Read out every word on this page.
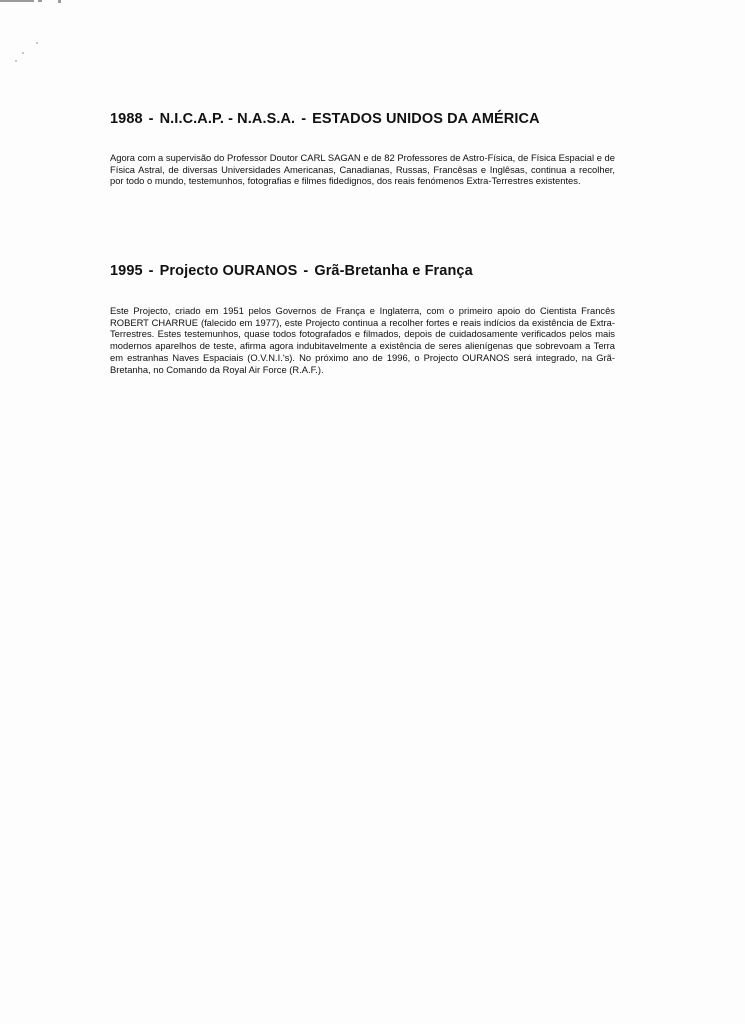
1988 - N.I.C.A.P. - N.A.S.A. - ESTADOS UNIDOS DA AMÉRICA

Agora com a supervisão do Professor Doutor CARL SAGAN e de 82 Professores de Astro-Física, de Física Espacial e de Física Astral, de diversas Universidades Americanas, Canadianas, Russas, Francêsas e Inglêsas, continua a recolher, por todo o mundo, testemunhos, fotografias e filmes fidedignos, dos reais fenómenos Extra-Terrestres existentes.

1995 - Projecto OURANOS - Grã-Bretanha e França

Este Projecto, criado em 1951 pelos Governos de França e Inglaterra, com o primeiro apoio do Cientista Francês ROBERT CHARRUE (falecido em 1977), este Projecto continua a recolher fortes e reais indícios da existência de Extra-Terrestres. Estes testemunhos, quase todos fotografados e filmados, depois de cuidadosamente verificados pelos mais modernos aparelhos de teste, afirma agora indubitavelmente a existência de seres alienígenas que sobrevoam a Terra em estranhas Naves Espaciais (O.V.N.I.'s). No próximo ano de 1996, o Projecto OURANOS será integrado, na Grã-Bretanha, no Comando da Royal Air Force (R.A.F.).
